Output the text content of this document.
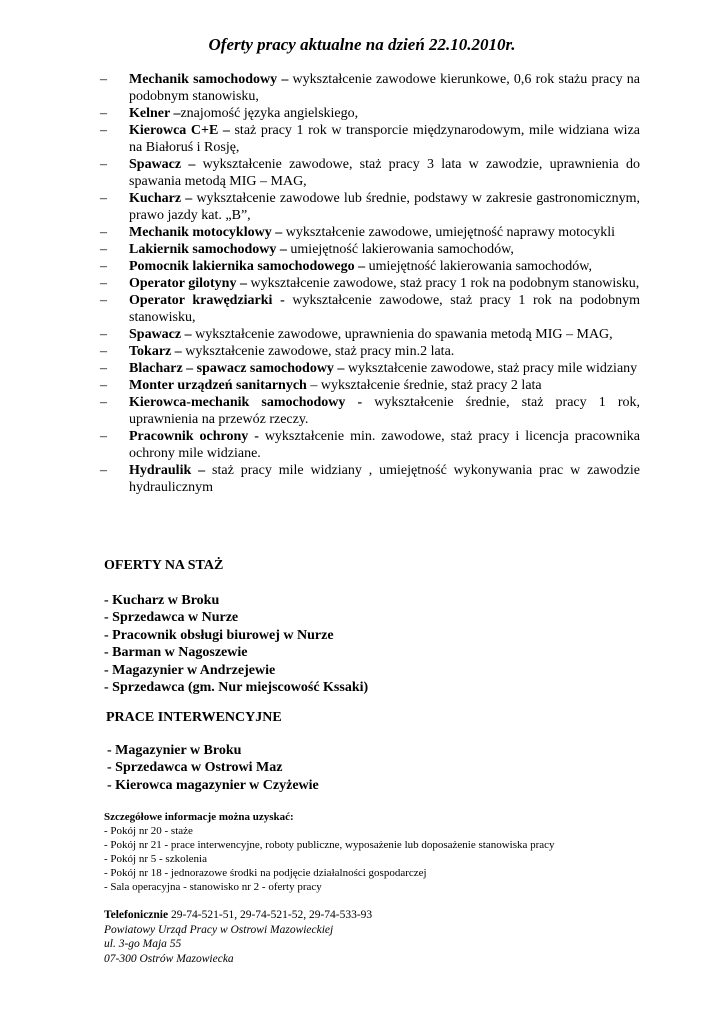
Oferty pracy aktualne na dzień 22.10.2010r.
– Mechanik samochodowy – wykształcenie zawodowe kierunkowe, 0,6 rok stażu pracy na podobnym stanowisku,
– Kelner –znajomość języka angielskiego,
– Kierowca C+E – staż pracy 1 rok w transporcie międzynarodowym, mile widziana wiza na Białoruś i Rosję,
– Spawacz – wykształcenie zawodowe, staż pracy 3 lata w zawodzie, uprawnienia do spawania metodą MIG – MAG,
– Kucharz – wykształcenie zawodowe lub średnie, podstawy w zakresie gastronomicznym, prawo jazdy kat. „B”,
– Mechanik motocyklowy – wykształcenie zawodowe, umiejętność naprawy motocykli
– Lakiernik samochodowy – umiejętność lakierowania samochodów,
– Pomocnik lakiernika samochodowego – umiejętność lakierowania samochodów,
– Operator gilotyny – wykształcenie zawodowe, staż pracy 1 rok na podobnym stanowisku,
– Operator krawędziarki - wykształcenie zawodowe, staż pracy 1 rok na podobnym stanowisku,
– Spawacz – wykształcenie zawodowe, uprawnienia do spawania metodą MIG – MAG,
– Tokarz – wykształcenie zawodowe, staż pracy min.2 lata.
– Blacharz – spawacz samochodowy – wykształcenie zawodowe, staż pracy mile widziany
– Monter urządzeń sanitarnych – wykształcenie średnie, staż pracy 2 lata
– Kierowca-mechanik samochodowy - wykształcenie średnie, staż pracy 1 rok, uprawnienia na przewóz rzeczy.
– Pracownik ochrony - wykształcenie min. zawodowe, staż pracy i licencja pracownika ochrony mile widziane.
– Hydraulik – staż pracy mile widziany , umiejętność wykonywania prac w zawodzie hydraulicznym
OFERTY NA STAŻ
- Kucharz w Broku
- Sprzedawca w Nurze
- Pracownik obsługi biurowej w Nurze
- Barman w Nagoszewie
- Magazynier w Andrzejewie
- Sprzedawca (gm. Nur miejscowość Kssaki)
PRACE INTERWENCYJNE
- Magazynier w Broku
- Sprzedawca w Ostrowi Maz
- Kierowca magazynier w Czyżewie
Szczegółowe informacje można uzyskać:
- Pokój nr 20 - staże
- Pokój nr 21 - prace interwencyjne, roboty publiczne, wyposażenie lub doposażenie stanowiska pracy
- Pokój nr 5 - szkolenia
- Pokój nr 18 - jednorazowe środki na podjęcie działalności gospodarczej
- Sala operacyjna - stanowisko nr 2 - oferty pracy
Telefonicznie 29-74-521-51, 29-74-521-52, 29-74-533-93
Powiatowy Urząd Pracy w Ostrowi Mazowieckiej
ul. 3-go Maja 55
07-300 Ostrów Mazowiecka
